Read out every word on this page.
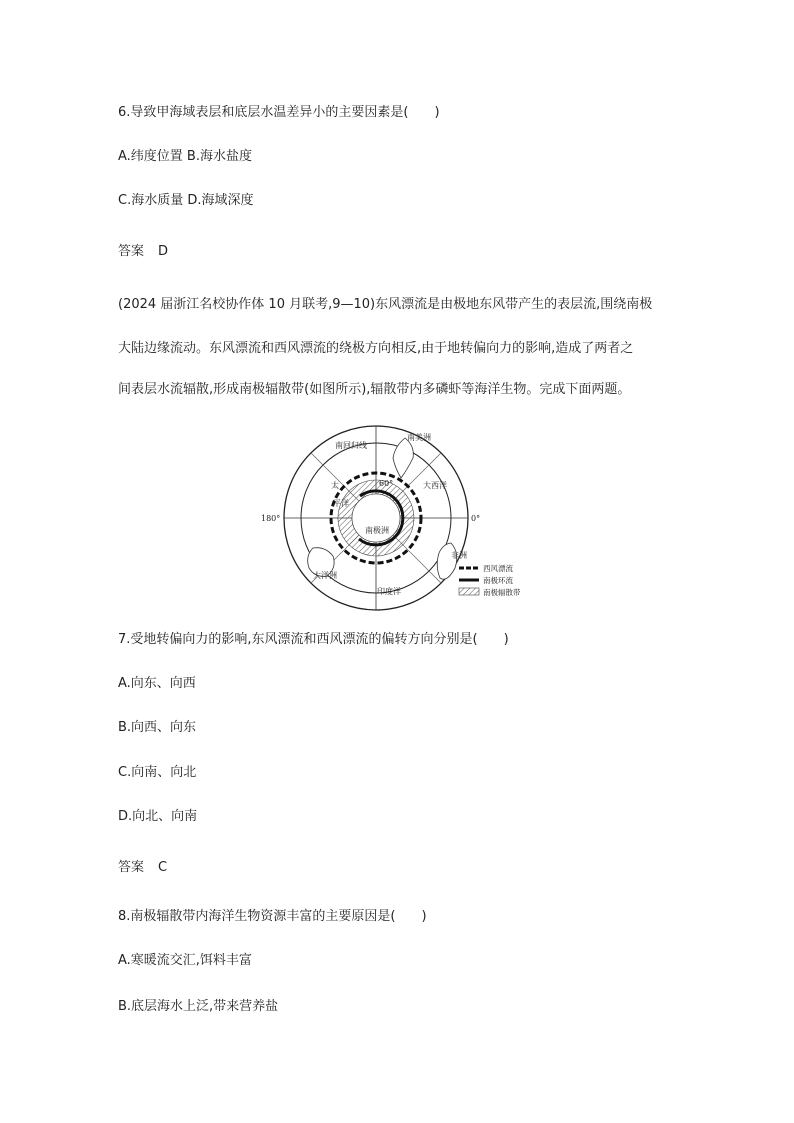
6.导致甲海域表层和底层水温差异小的主要因素是(　　)
A.纬度位置 B.海水盐度
C.海水质量 D.海域深度
答案 D
(2024 届浙江名校协作体 10 月联考,9—10)东风漂流是由极地东风带产生的表层流,围绕南极
大陆边缘流动。东风漂流和西风漂流的绕极方向相反,由于地转偏向力的影响,造成了两者之
间表层水流辐散,形成南极辐散带(如图所示),辐散带内多磷虾等海洋生物。完成下面两题。
南回归线
南美洲
大西洋
非洲
印度洋
大洋洲
太
平洋
南极洲
60°
180°	0°
西风漂流
南极环流
南极辐散带
7.受地转偏向力的影响,东风漂流和西风漂流的偏转方向分别是(　　)
A.向东、向西
B.向西、向东
C.向南、向北
D.向北、向南
答案 C
8.南极辐散带内海洋生物资源丰富的主要原因是(　　)
A.寒暖流交汇,饵料丰富
B.底层海水上泛,带来营养盐
